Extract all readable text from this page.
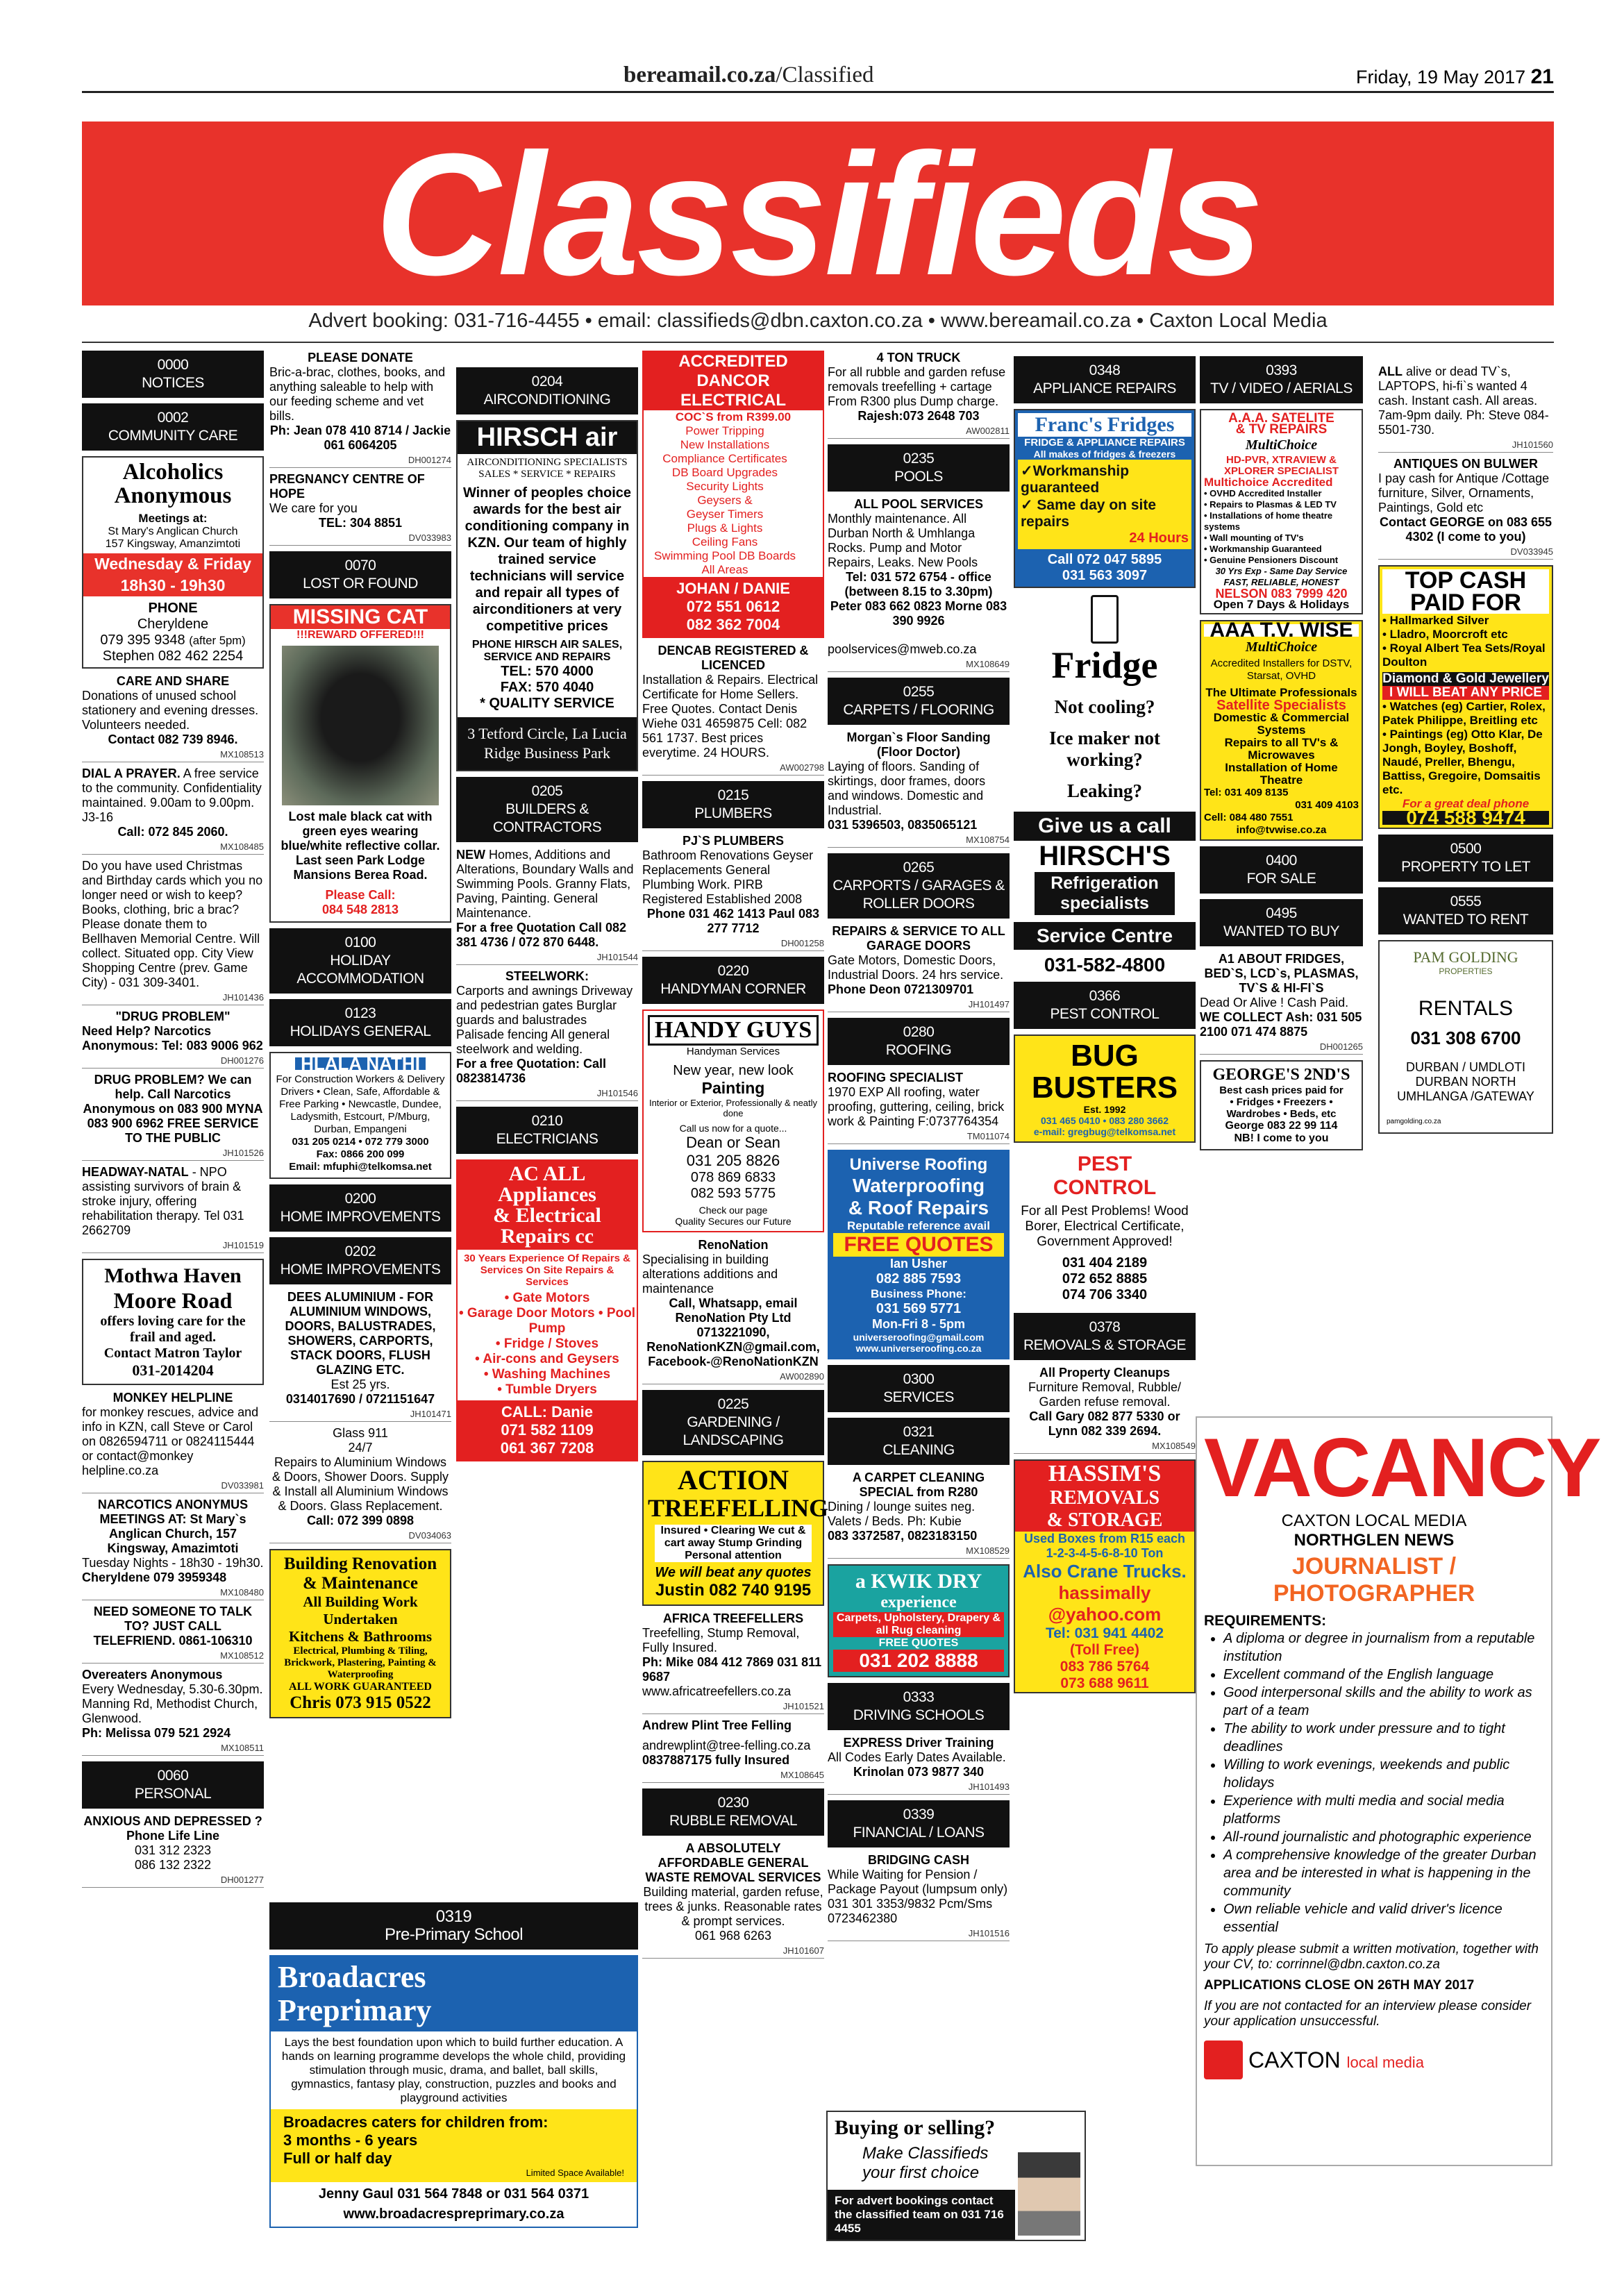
bereamail.co.za/Classified	Friday, 19 May 2017 21
Classifieds
Advert booking: 031-716-4455 • email: classifieds@dbn.caxton.co.za • www.bereamail.co.za • Caxton Local Media
0000
NOTICES
0002
COMMUNITY CARE
Alcoholics Anonymous
Meetings at:
St Mary's Anglican Church
157 Kingsway, Amanzimtoti
Wednesday & Friday
18h30 - 19h30
PHONE
Cheryldene
079 395 9348 (after 5pm)
Stephen 082 462 2254
CARE AND SHARE
Donations of unused school stationery and evening dresses. Volunteers needed.
Contact 082 739 8946.
MX108513
DIAL A PRAYER. A free service to the community. Confidentiality maintained. 9.00am to 9.00pm. J3-16
Call: 072 845 2060.
MX108485
Do you have used Christmas and Birthday cards which you no longer need or wish to keep? Books, clothing, bric a brac? Please donate them to Bellhaven Memorial Centre. Will collect. Situated opp. City View Shopping Centre (prev. Game City) - 031 309-3401.
JH101436
"DRUG PROBLEM"
Need Help? Narcotics Anonymous: Tel: 083 9006 962
DH001276
DRUG PROBLEM? We can help. Call Narcotics Anonymous on 083 900 MYNA 083 900 6962 FREE SERVICE TO THE PUBLIC
JH101526
HEADWAY-NATAL - NPO assisting survivors of brain & stroke injury, offering rehabilitation therapy. Tel 031 2662709
JH101519
Mothwa Haven
Moore Road
offers loving care for the frail and aged.
Contact Matron Taylor
031-2014204
MONKEY HELPLINE
for monkey rescues, advice and info in KZN, call Steve or Carol on 0826594711 or 0824115444 or contact@monkey helpline.co.za
DV033981
NARCOTICS ANONYMUS MEETINGS AT: St Mary`s Anglican Church, 157 Kingsway, Amazimtoti
Tuesday Nights - 18h30 - 19h30.
Cheryldene 079 3959348
MX108480
NEED SOMEONE TO TALK TO? JUST CALL TELEFRIEND. 0861-106310
MX108512
Overeaters Anonymous
Every Wednesday, 5.30-6.30pm. Manning Rd, Methodist Church, Glenwood.
Ph: Melissa 079 521 2924
MX108511
0060
PERSONAL
ANXIOUS AND DEPRESSED ? Phone Life Line
031 312 2323
086 132 2322
DH001277
PLEASE DONATE
Bric-a-brac, clothes, books, and anything saleable to help with our feeding scheme and vet bills.
Ph: Jean 078 410 8714 / Jackie 061 6064205
DH001274
PREGNANCY CENTRE OF HOPE
We care for you
TEL: 304 8851
DV033983
0070
LOST OR FOUND
MISSING CAT
!!!REWARD OFFERED!!!
Lost male black cat with green eyes wearing blue/white reflective collar. Last seen Park Lodge Mansions Berea Road.
Please Call:
084 548 2813
0100
HOLIDAY
ACCOMMODATION
0123
HOLIDAYS GENERAL
HLALA NATHI
For Construction Workers & Delivery Drivers • Clean, Safe, Affordable & Free Parking • Newcastle, Dundee, Ladysmith, Estcourt, P/Mburg, Durban, Empangeni
031 205 0214 • 072 779 3000
Fax: 0866 200 099
Email: mfuphi@telkomsa.net
0200
HOME IMPROVEMENTS
0202
HOME IMPROVEMENTS
DEES ALUMINIUM - FOR ALUMINIUM WINDOWS, DOORS, BALUSTRADES, SHOWERS, CARPORTS, STACK DOORS, FLUSH GLAZING ETC.
Est 25 yrs.
0314017690 / 0721151647
JH101471
Glass 911
24/7
Repairs to Aluminium Windows & Doors, Shower Doors. Supply & Install all Aluminium Windows & Doors. Glass Replacement.
Call: 072 399 0898
DV034063
Building Renovation
& Maintenance
All Building Work Undertaken
Kitchens & Bathrooms
Electrical, Plumbing & Tiling, Brickwork, Plastering, Painting & Waterproofing
ALL WORK GUARANTEED
Chris 073 915 0522
0204
AIRCONDITIONING
HIRSCH air
AIRCONDITIONING SPECIALISTS
SALES * SERVICE * REPAIRS
Winner of peoples choice awards for the best air conditioning company in KZN. Our team of highly trained service technicians will service and repair all types of airconditioners at very competitive prices
PHONE HIRSCH AIR SALES, SERVICE AND REPAIRS
TEL: 570 4000
FAX: 570 4040
* QUALITY SERVICE
3 Tetford Circle, La Lucia Ridge Business Park
0205
BUILDERS &
CONTRACTORS
NEW Homes, Additions and Alterations, Boundary Walls and Swimming Pools. Granny Flats, Paving, Painting. General Maintenance.
For a free Quotation Call 082 381 4736 / 072 870 6448.
JH101544
STEELWORK:
Carports and awnings Driveway and pedestrian gates Burglar guards and balustrades Palisade fencing All general steelwork and welding.
For a free Quotation: Call 0823814736
JH101546
0210
ELECTRICIANS
AC ALL
Appliances
& Electrical
Repairs cc
30 Years Experience Of Repairs & Services On Site Repairs & Services
• Gate Motors
• Garage Door Motors • Pool Pump
• Fridge / Stoves
• Air-cons and Geysers
• Washing Machines
• Tumble Dryers
CALL: Danie
071 582 1109
061 367 7208
0319
Pre-Primary School
Broadacres
Preprimary
Lays the best foundation upon which to build further education. A hands on learning programme develops the whole child, providing stimulation through music, drama, and ballet, ball skills, gymnastics, fantasy play, construction, puzzles and books and playground activities
Broadacres caters for children from:
3 months - 6 years
Full or half day
Limited Space Available!
Jenny Gaul 031 564 7848 or 031 564 0371
www.broadacrespreprimary.co.za
ACCREDITED
DANCOR ELECTRICAL
COC`S from R399.00
Power Tripping
New Installations
Compliance Certificates
DB Board Upgrades
Security Lights
Geysers &
Geyser Timers
Plugs & Lights
Ceiling Fans
Swimming Pool DB Boards
All Areas
JOHAN / DANIE
072 551 0612
082 362 7004
DENCAB REGISTERED & LICENCED
Installation & Repairs. Electrical Certificate for Home Sellers. Free Quotes. Contact Denis Wiehe 031 4659875 Cell: 082 561 1737. Best prices everytime. 24 HOURS.
AW002798
0215
PLUMBERS
PJ`S PLUMBERS
Bathroom Renovations Geyser Replacements General Plumbing Work. PIRB Registered Established 2008
Phone 031 462 1413 Paul 083 277 7712
DH001258
0220
HANDYMAN CORNER
HANDY GUYS
Handyman Services
New year, new look
Painting
Interior or Exterior, Professionally & neatly done
Call us now for a quote...
Dean or Sean
031 205 8826
078 869 6833
082 593 5775
Check our page
Quality Secures our Future
RenoNation
Specialising in building alterations additions and maintenance
Call, Whatsapp, email RenoNation Pty Ltd 0713221090,
RenoNationKZN@gmail.com, Facebook-@RenoNationKZN
AW002890
0225
GARDENING /
LANDSCAPING
ACTION
TREEFELLING
Insured • Clearing We cut & cart away Stump Grinding Personal attention
We will beat any quotes
Justin 082 740 9195
AFRICA TREEFELLERS
Treefelling, Stump Removal, Fully Insured.
Ph: Mike 084 412 7869 031 811 9687
www.africatreefellers.co.za
JH101521
Andrew Plint Tree Felling
andrewplint@tree-felling.co.za
0837887175 fully Insured
MX108645
0230
RUBBLE REMOVAL
A ABSOLUTELY AFFORDABLE GENERAL WASTE REMOVAL SERVICES
Building material, garden refuse, trees & junks. Reasonable rates & prompt services.
061 968 6263
JH101607
4 TON TRUCK
For all rubble and garden refuse removals treefelling + cartage From R300 plus Dump charge.
Rajesh:073 2648 703
AW002811
0235
POOLS
ALL POOL SERVICES
Monthly maintenance. All Durban North & Umhlanga Rocks. Pump and Motor Repairs, Leaks. New Pools
Tel: 031 572 6754 - office (between 8.15 to 3.30pm) Peter 083 662 0823 Morne 083 390 9926
poolservices@mweb.co.za
MX108649
0255
CARPETS / FLOORING
Morgan`s Floor Sanding (Floor Doctor)
Laying of floors. Sanding of skirtings, door frames, doors and windows. Domestic and Industrial.
031 5396503, 0835065121
MX108754
0265
CARPORTS / GARAGES &
ROLLER DOORS
REPAIRS & SERVICE TO ALL GARAGE DOORS
Gate Motors, Domestic Doors, Industrial Doors. 24 hrs service.
Phone Deon 0721309701
JH101497
0280
ROOFING
ROOFING SPECIALIST
1970 EXP All roofing, water proofing, guttering, ceiling, brick work & Painting F:0737764354
TM011074
Universe Roofing
Waterproofing
& Roof Repairs
Reputable reference avail
FREE QUOTES
Ian Usher
082 885 7593
Business Phone:
031 569 5771
Mon-Fri 8 - 5pm
universeroofing@gmail.com
www.universeroofing.co.za
0300
SERVICES
0321
CLEANING
A CARPET CLEANING SPECIAL from R280
Dining / lounge suites neg. Valets / Beds. Ph: Kubie
083 3372587, 0823183150
MX108529
a KWIK DRY
experience
Carpets, Upholstery, Drapery & all Rug cleaning
FREE QUOTES
031 202 8888
0333
DRIVING SCHOOLS
EXPRESS Driver Training
All Codes Early Dates Available.
Krinolan 073 9877 340
JH101493
0339
FINANCIAL / LOANS
BRIDGING CASH
While Waiting for Pension / Package Payout (lumpsum only) 031 301 3353/9832 Pcm/Sms 0723462380
JH101516
0348
APPLIANCE REPAIRS
Franc's Fridges
FRIDGE & APPLIANCE REPAIRS
All makes of fridges & freezers
✓Workmanship guaranteed
✓ Same day on site repairs
24 Hours
Call 072 047 5895
031 563 3097
Fridge
Not cooling?
Ice maker not working?
Leaking?
Give us a call
HIRSCH'S
Refrigeration specialists
Service Centre
031-582-4800
0366
PEST CONTROL
BUG BUSTERS
Est. 1992
031 465 0410 • 083 280 3662
e-mail: gregbug@telkomsa.net
PEST
CONTROL
For all Pest Problems! Wood Borer, Electrical Certificate, Government Approved!
031 404 2189
072 652 8885
074 706 3340
0378
REMOVALS & STORAGE
All Property Cleanups
Furniture Removal, Rubble/ Garden refuse removal.
Call Gary 082 877 5330 or Lynn 082 339 2694.
MX108549
HASSIM'S
REMOVALS
& STORAGE
Used Boxes from R15 each
1-2-3-4-5-6-8-10 Ton
Also Crane Trucks.
hassimally @yahoo.com
Tel: 031 941 4402
(Toll Free)
083 786 5764
073 688 9611
0393
TV / VIDEO / AERIALS
A.A.A. SATELITE
& TV REPAIRS
MultiChoice
HD-PVR, XTRAVIEW & XPLORER SPECIALIST
Multichoice Accredited
• OVHD Accredited Installer
• Repairs to Plasmas & LED TV
• Installations of home theatre systems
• Wall mounting of TV's
• Workmanship Guaranteed
• Genuine Pensioners Discount
30 Yrs Exp - Same Day Service
FAST, RELIABLE, HONEST
NELSON 083 7999 420
Open 7 Days & Holidays
AAA T.V. WISE
MultiChoice
Accredited Installers for DSTV, Starsat, OVHD
The Ultimate Professionals
Satellite Specialists
Domestic & Commercial Systems
Repairs to all TV's & Microwaves
Installation of Home Theatre
Tel: 031 409 8135
031 409 4103
Cell: 084 480 7551
info@tvwise.co.za
0400
FOR SALE
0495
WANTED TO BUY
A1 ABOUT FRIDGES, BED`S, LCD`s, PLASMAS, TV`S & HI-FI`S
Dead Or Alive ! Cash Paid.
WE COLLECT Ash: 031 505 2100 071 474 8875
DH001265
GEORGE'S 2ND'S
Best cash prices paid for
• Fridges • Freezers • Wardrobes • Beds, etc
George 083 22 99 114
NB! I come to you
ALL alive or dead TV`s, LAPTOPS, hi-fi`s wanted 4 cash. Instant cash. All areas. 7am-9pm daily. Ph: Steve 084-5501-730.
JH101560
ANTIQUES ON BULWER
I pay cash for Antique /Cottage furniture, Silver, Ornaments, Paintings, Gold etc
Contact GEORGE on 083 655 4302 (I come to you)
DV033945
TOP CASH
PAID FOR
• Hallmarked Silver
• Lladro, Moorcroft etc
• Royal Albert Tea Sets/Royal Doulton
Diamond & Gold Jewellery
I WILL BEAT ANY PRICE
• Watches (eg) Cartier, Rolex, Patek Philippe, Breitling etc
• Paintings (eg) Otto Klar, De Jongh, Boyley, Boshoff, Naudé, Preller, Bhengu, Battiss, Gregoire, Domsaitis etc.
For a great deal phone
074 588 9474
0500
PROPERTY TO LET
0555
WANTED TO RENT
PAM GOLDING
PROPERTIES
RENTALS
031 308 6700
DURBAN / UMDLOTI
DURBAN NORTH
UMHLANGA /GATEWAY
pamgolding.co.za
VACANCY
CAXTON LOCAL MEDIA
NORTHGLEN NEWS
JOURNALIST / PHOTOGRAPHER
REQUIREMENTS:
• A diploma or degree in journalism from a reputable institution
• Excellent command of the English language
• Good interpersonal skills and the ability to work as part of a team
• The ability to work under pressure and to tight deadlines
• Willing to work evenings, weekends and public holidays
• Experience with multi media and social media platforms
• All-round journalistic and photographic experience
• A comprehensive knowledge of the greater Durban area and be interested in what is happening in the community
• Own reliable vehicle and valid driver's licence essential

To apply please submit a written motivation, together with your CV, to: corrinnel@dbn.caxton.co.za

APPLICATIONS CLOSE ON 26TH MAY 2017

If you are not contacted for an interview please consider your application unsuccessful.

CAXTON local media
Buying or selling?
Make Classifieds
your first choice
For advert bookings contact the classified team on 031 716 4455
